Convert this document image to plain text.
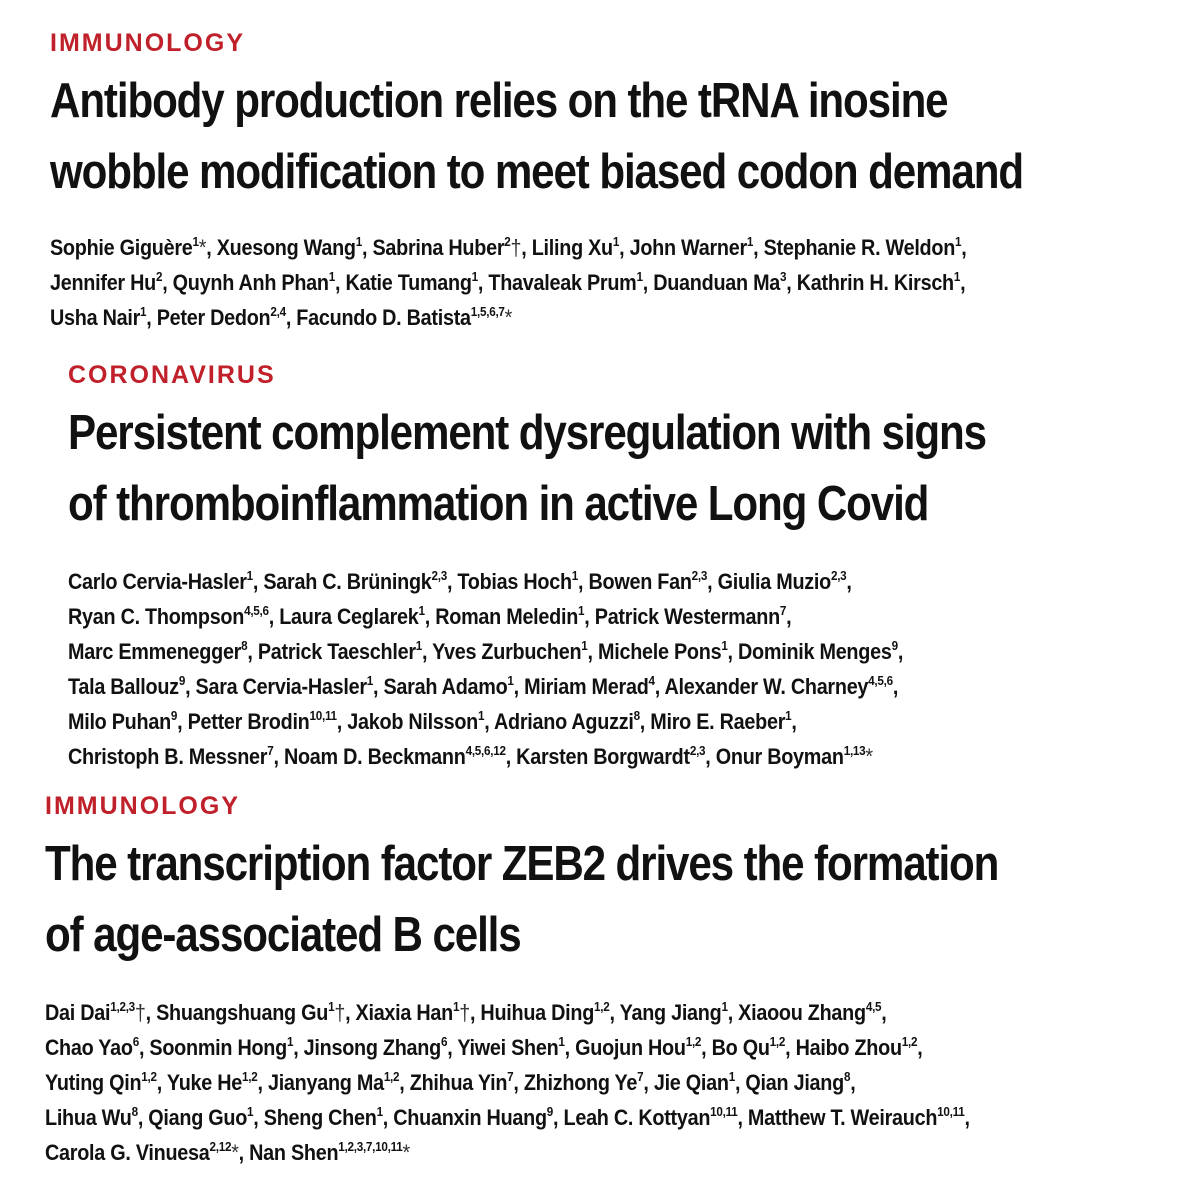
IMMUNOLOGY
Antibody production relies on the tRNA inosine
wobble modification to meet biased codon demand
Sophie Giguère$^1$*, Xuesong Wang$^1$, Sabrina Huber$^2$†, Liling Xu$^1$, John Warner$^1$, Stephanie R. Weldon$^1$,
Jennifer Hu$^2$, Quynh Anh Phan$^1$, Katie Tumang$^1$, Thavaleak Prum$^1$, Duanduan Ma$^3$, Kathrin H. Kirsch$^1$,
Usha Nair$^1$, Peter Dedon$^{2,4}$, Facundo D. Batista$^{1,5,6,7}$*
CORONAVIRUS
Persistent complement dysregulation with signs
of thromboinflammation in active Long Covid
Carlo Cervia-Hasler$^1$, Sarah C. Brüningk$^{2,3}$, Tobias Hoch$^1$, Bowen Fan$^{2,3}$, Giulia Muzio$^{2,3}$,
Ryan C. Thompson$^{4,5,6}$, Laura Ceglarek$^1$, Roman Meledin$^1$, Patrick Westermann$^7$,
Marc Emmenegger$^8$, Patrick Taeschler$^1$, Yves Zurbuchen$^1$, Michele Pons$^1$, Dominik Menges$^9$,
Tala Ballouz$^9$, Sara Cervia-Hasler$^1$, Sarah Adamo$^1$, Miriam Merad$^4$, Alexander W. Charney$^{4,5,6}$,
Milo Puhan$^9$, Petter Brodin$^{10,11}$, Jakob Nilsson$^1$, Adriano Aguzzi$^8$, Miro E. Raeber$^1$,
Christoph B. Messner$^7$, Noam D. Beckmann$^{4,5,6,12}$, Karsten Borgwardt$^{2,3}$, Onur Boyman$^{1,13}$*
IMMUNOLOGY
The transcription factor ZEB2 drives the formation
of age-associated B cells
Dai Dai$^{1,2,3}$†, Shuangshuang Gu$^1$†, Xiaxia Han$^1$†, Huihua Ding$^{1,2}$, Yang Jiang$^1$, Xiaoou Zhang$^{4,5}$,
Chao Yao$^6$, Soonmin Hong$^1$, Jinsong Zhang$^6$, Yiwei Shen$^1$, Guojun Hou$^{1,2}$, Bo Qu$^{1,2}$, Haibo Zhou$^{1,2}$,
Yuting Qin$^{1,2}$, Yuke He$^{1,2}$, Jianyang Ma$^{1,2}$, Zhihua Yin$^7$, Zhizhong Ye$^7$, Jie Qian$^1$, Qian Jiang$^8$,
Lihua Wu$^8$, Qiang Guo$^1$, Sheng Chen$^1$, Chuanxin Huang$^9$, Leah C. Kottyan$^{10,11}$, Matthew T. Weirauch$^{10,11}$,
Carola G. Vinuesa$^{2,12}$*, Nan Shen$^{1,2,3,7,10,11}$*
